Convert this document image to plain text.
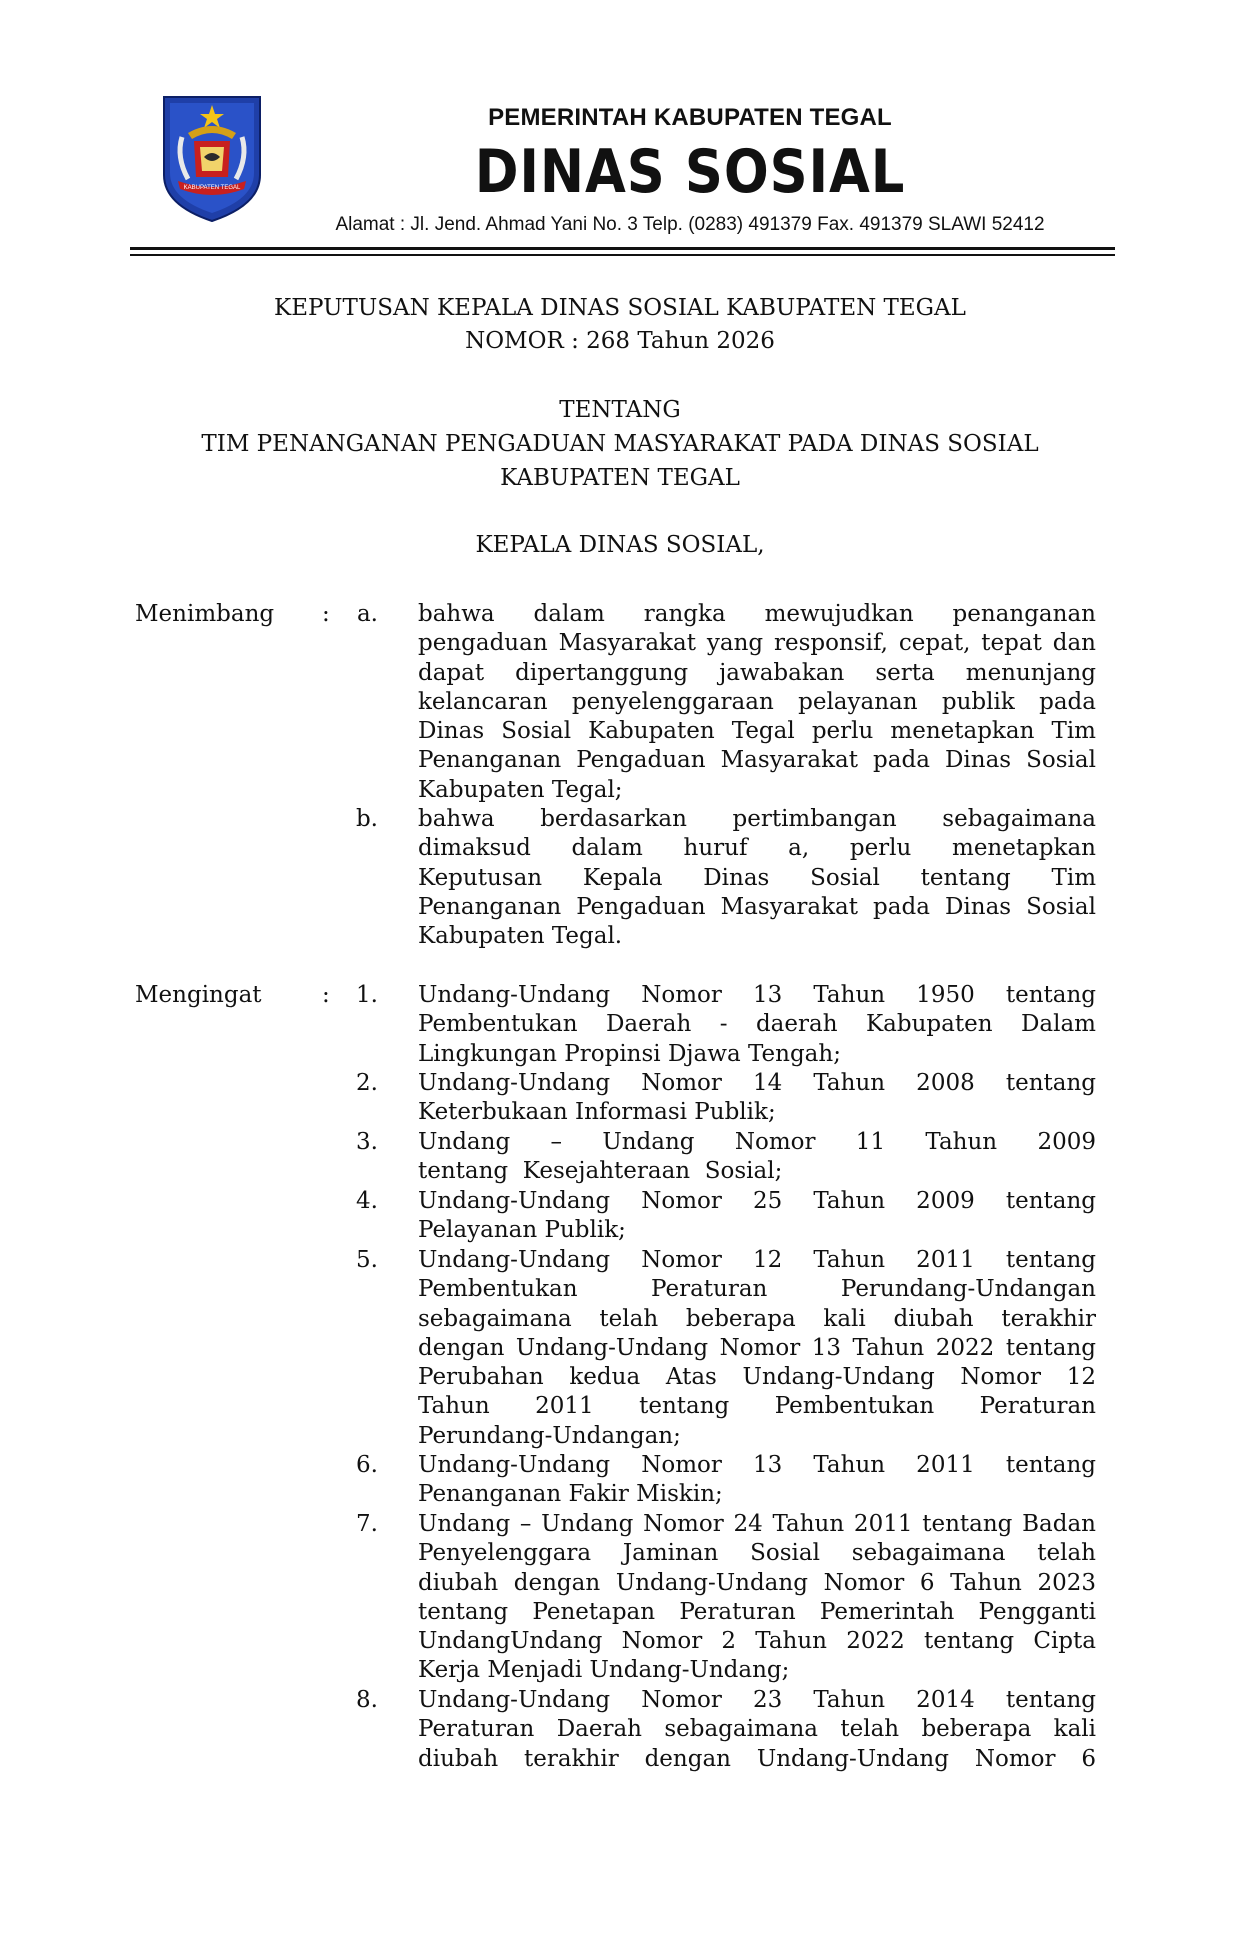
KABUPATEN TEGAL
PEMERINTAH KABUPATEN TEGAL
DINAS SOSIAL
Alamat : Jl. Jend. Ahmad Yani No. 3 Telp. (0283) 491379 Fax. 491379 SLAWI 52412
KEPUTUSAN KEPALA DINAS SOSIAL KABUPATEN TEGAL
NOMOR : 268 Tahun 2026
TENTANG
TIM PENANGANAN PENGADUAN MASYARAKAT PADA DINAS SOSIAL
KABUPATEN TEGAL
KEPALA DINAS SOSIAL,
Menimbang :	a. bahwa dalam rangka mewujudkan penanganan
pengaduan Masyarakat yang responsif, cepat, tepat dan
dapat dipertanggung jawabakan serta menunjang
kelancaran penyelenggaraan pelayanan publik pada
Dinas Sosial Kabupaten Tegal perlu menetapkan Tim
Penanganan Pengaduan Masyarakat pada Dinas Sosial
Kabupaten Tegal;
b. bahwa berdasarkan pertimbangan sebagaimana
dimaksud dalam huruf a, perlu menetapkan
Keputusan Kepala Dinas Sosial tentang Tim
Penanganan Pengaduan Masyarakat pada Dinas Sosial
Kabupaten Tegal.
Mengingat	: 1. Undang-Undang Nomor 13 Tahun 1950 tentang
Pembentukan Daerah - daerah Kabupaten Dalam
Lingkungan Propinsi Djawa Tengah;
2. Undang-Undang Nomor 14 Tahun 2008 tentang
Keterbukaan Informasi Publik;
3. Undang – Undang Nomor 11 Tahun 2009
tentang  Kesejahteraan  Sosial;
4. Undang-Undang Nomor 25 Tahun 2009 tentang
Pelayanan Publik;
5. Undang-Undang Nomor 12 Tahun 2011 tentang
Pembentukan Peraturan Perundang-Undangan
sebagaimana telah beberapa kali diubah terakhir
dengan Undang-Undang Nomor 13 Tahun 2022 tentang
Perubahan kedua Atas Undang-Undang Nomor 12
Tahun 2011 tentang Pembentukan Peraturan
Perundang-Undangan;
6. Undang-Undang Nomor 13 Tahun 2011 tentang
Penanganan Fakir Miskin;
7. Undang – Undang Nomor 24 Tahun 2011 tentang Badan
Penyelenggara Jaminan Sosial sebagaimana telah
diubah dengan Undang-Undang Nomor 6 Tahun 2023
tentang Penetapan Peraturan Pemerintah Pengganti
UndangUndang Nomor 2 Tahun 2022 tentang Cipta
Kerja Menjadi Undang-Undang;
8. Undang-Undang Nomor 23 Tahun 2014 tentang
Peraturan Daerah sebagaimana telah beberapa kali
diubah terakhir dengan Undang-Undang Nomor 6
